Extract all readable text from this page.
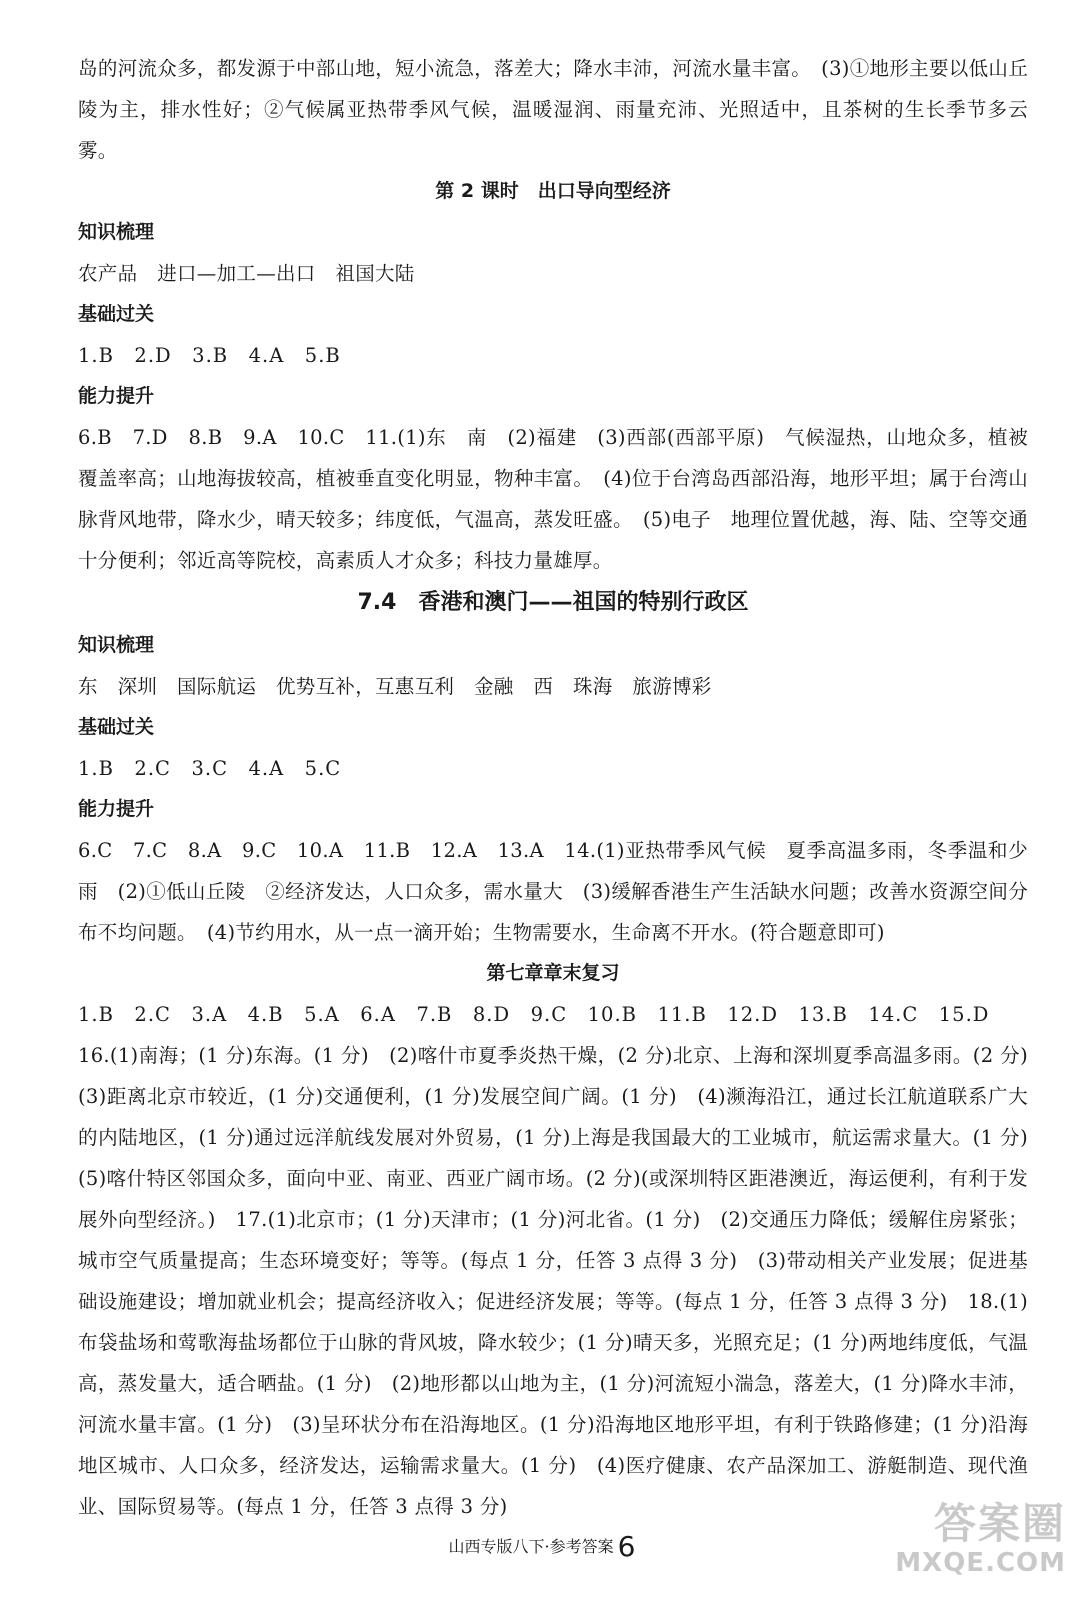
岛的河流众多，都发源于中部山地，短小流急，落差大；降水丰沛，河流水量丰富。　(3)①地形主要以低山丘陵为主，排水性好；②气候属亚热带季风气候，温暖湿润、雨量充沛、光照适中，且茶树的生长季节多云雾。

第 2 课时　出口导向型经济

知识梳理

农产品　进口—加工—出口　祖国大陆

基础过关

1.B　2.D　3.B　4.A　5.B

能力提升

6.B　7.D　8.B　9.A　10.C　11.(1)东　南　(2)福建　(3)西部(西部平原)　气候湿热，山地众多，植被覆盖率高；山地海拔较高，植被垂直变化明显，物种丰富。　(4)位于台湾岛西部沿海，地形平坦；属于台湾山脉背风地带，降水少，晴天较多；纬度低，气温高，蒸发旺盛。　(5)电子　地理位置优越，海、陆、空等交通十分便利；邻近高等院校，高素质人才众多；科技力量雄厚。

7.4　香港和澳门——祖国的特别行政区

知识梳理

东　深圳　国际航运　优势互补，互惠互利　金融　西　珠海　旅游博彩

基础过关

1.B　2.C　3.C　4.A　5.C

能力提升

6.C　7.C　8.A　9.C　10.A　11.B　12.A　13.A　14.(1)亚热带季风气候　夏季高温多雨，冬季温和少雨　(2)①低山丘陵　②经济发达，人口众多，需水量大　(3)缓解香港生产生活缺水问题；改善水资源空间分布不均问题。　(4)节约用水，从一点一滴开始；生物需要水，生命离不开水。(符合题意即可)

第七章章末复习

1.B　2.C　3.A　4.B　5.A　6.A　7.B　8.D　9.C　10.B　11.B　12.D　13.B　14.C　15.D

16.(1)南海；(1 分)东海。(1 分)　(2)喀什市夏季炎热干燥，(2 分)北京、上海和深圳夏季高温多雨。(2 分)　(3)距离北京市较近，(1 分)交通便利，(1 分)发展空间广阔。(1 分)　(4)濒海沿江，通过长江航道联系广大的内陆地区，(1 分)通过远洋航线发展对外贸易，(1 分)上海是我国最大的工业城市，航运需求量大。(1 分)　(5)喀什特区邻国众多，面向中亚、南亚、西亚广阔市场。(2 分)(或深圳特区距港澳近，海运便利，有利于发展外向型经济。)　17.(1)北京市；(1 分)天津市；(1 分)河北省。(1 分)　(2)交通压力降低；缓解住房紧张；城市空气质量提高；生态环境变好；等等。(每点 1 分，任答 3 点得 3 分)　(3)带动相关产业发展；促进基础设施建设；增加就业机会；提高经济收入；促进经济发展；等等。(每点 1 分，任答 3 点得 3 分)　18.(1)布袋盐场和莺歌海盐场都位于山脉的背风坡，降水较少；(1 分)晴天多，光照充足；(1 分)两地纬度低，气温高，蒸发量大，适合晒盐。(1 分)　(2)地形都以山地为主，(1 分)河流短小湍急，落差大，(1 分)降水丰沛，河流水量丰富。(1 分)　(3)呈环状分布在沿海地区。(1 分)沿海地区地形平坦，有利于铁路修建；(1 分)沿海地区城市、人口众多，经济发达，运输需求量大。(1 分)　(4)医疗健康、农产品深加工、游艇制造、现代渔业、国际贸易等。(每点 1 分，任答 3 点得 3 分)

山西专版八下·参考答案 6	答案圈
MXQE.COM
